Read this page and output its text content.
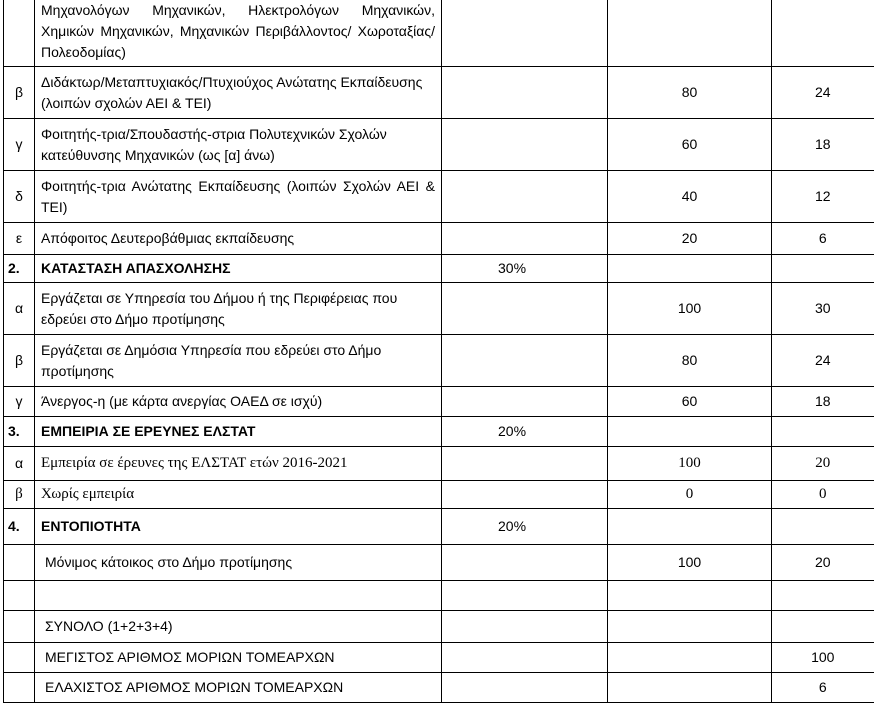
	Μηχανολόγων Μηχανικών, Ηλεκτρολόγων Μηχανικών, Χημικών Μηχανικών, Μηχανικών Περιβάλλοντος/ Χωροταξίας/ Πολεοδομίας)			
β	Διδάκτωρ/Μεταπτυχιακός/Πτυχιούχος Ανώτατης Εκπαίδευσης (λοιπών σχολών ΑΕΙ & ΤΕΙ)		80	24
γ	Φοιτητής-τρια/Σπουδαστής-στρια Πολυτεχνικών Σχολών κατεύθυνσης Μηχανικών (ως [α] άνω)		60	18
δ	Φοιτητής-τρια Ανώτατης Εκπαίδευσης (λοιπών Σχολών ΑΕΙ & ΤΕΙ)		40	12
ε	Απόφοιτος Δευτεροβάθμιας εκπαίδευσης		20	6
2.	ΚΑΤΑΣΤΑΣΗ ΑΠΑΣΧΟΛΗΣΗΣ	30%		
α	Εργάζεται σε Υπηρεσία του Δήμου ή της Περιφέρειας που εδρεύει στο Δήμο προτίμησης		100	30
β	Εργάζεται σε Δημόσια Υπηρεσία που εδρεύει στο Δήμο προτίμησης		80	24
γ	Άνεργος-η (με κάρτα ανεργίας ΟΑΕΔ σε ισχύ)		60	18
3.	ΕΜΠΕΙΡΙΑ ΣΕ ΕΡΕΥΝΕΣ ΕΛΣΤΑΤ	20%		
α	Εμπειρία σε έρευνες της ΕΛΣΤΑΤ ετών 2016-2021		100	20
β	Χωρίς εμπειρία		0	0
4.	ΕΝΤΟΠΙΟΤΗΤΑ	20%		
	Μόνιμος κάτοικος στο Δήμο προτίμησης		100	20

	ΣΥΝΟΛΟ (1+2+3+4)			
	ΜΕΓΙΣΤΟΣ ΑΡΙΘΜΟΣ ΜΟΡΙΩΝ ΤΟΜΕΑΡΧΩΝ			100
	ΕΛΑΧΙΣΤΟΣ ΑΡΙΘΜΟΣ ΜΟΡΙΩΝ ΤΟΜΕΑΡΧΩΝ			6
